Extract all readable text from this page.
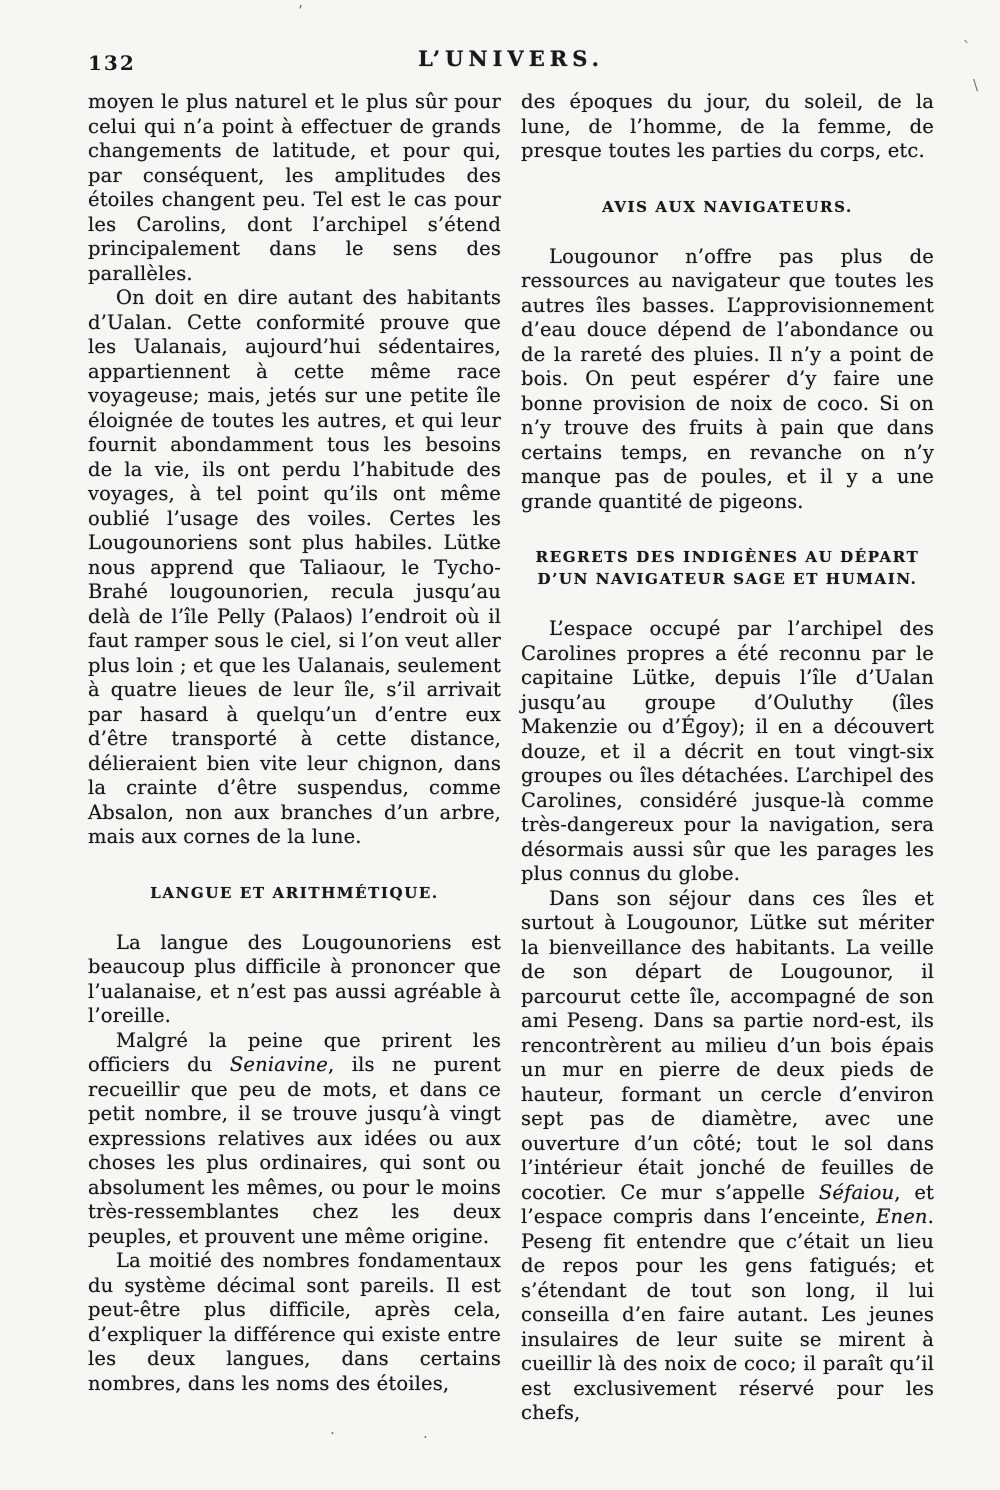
132	L’UNIVERS.

moyen le plus naturel et le plus sûr pour celui qui n’a point à effectuer de grands changements de latitude, et pour qui, par conséquent, les amplitudes des étoiles changent peu. Tel est le cas pour les Carolins, dont l’archipel s’étend principalement dans le sens des parallèles.

On doit en dire autant des habitants d’Ualan. Cette conformité prouve que les Ualanais, aujourd’hui sédentaires, appartiennent à cette même race voyageuse; mais, jetés sur une petite île éloignée de toutes les autres, et qui leur fournit abondamment tous les besoins de la vie, ils ont perdu l’habitude des voyages, à tel point qu’ils ont même oublié l’usage des voiles. Certes les Lougounoriens sont plus habiles. Lütke nous apprend que Taliaour, le Tycho-Brahé lougounorien, recula jusqu’au delà de l’île Pelly (Palaos) l’endroit où il faut ramper sous le ciel, si l’on veut aller plus loin ; et que les Ualanais, seulement à quatre lieues de leur île, s’il arrivait par hasard à quelqu’un d’entre eux d’être transporté à cette distance, délieraient bien vite leur chignon, dans la crainte d’être suspendus, comme Absalon, non aux branches d’un arbre, mais aux cornes de la lune.

LANGUE ET ARITHMÉTIQUE.

La langue des Lougounoriens est beaucoup plus difficile à prononcer que l’ualanaise, et n’est pas aussi agréable à l’oreille.

Malgré la peine que prirent les officiers du Seniavine, ils ne purent recueillir que peu de mots, et dans ce petit nombre, il se trouve jusqu’à vingt expressions relatives aux idées ou aux choses les plus ordinaires, qui sont ou absolument les mêmes, ou pour le moins très-ressemblantes chez les deux peuples, et prouvent une même origine.

La moitié des nombres fondamentaux du système décimal sont pareils. Il est peut-être plus difficile, après cela, d’expliquer la différence qui existe entre les deux langues, dans certains nombres, dans les noms des étoiles,

des époques du jour, du soleil, de la lune, de l’homme, de la femme, de presque toutes les parties du corps, etc.

AVIS AUX NAVIGATEURS.

Lougounor n’offre pas plus de ressources au navigateur que toutes les autres îles basses. L’approvisionnement d’eau douce dépend de l’abondance ou de la rareté des pluies. Il n’y a point de bois. On peut espérer d’y faire une bonne provision de noix de coco. Si on n’y trouve des fruits à pain que dans certains temps, en revanche on n’y manque pas de poules, et il y a une grande quantité de pigeons.

REGRETS DES INDIGÈNES AU DÉPART D’UN NAVIGATEUR SAGE ET HUMAIN.

L’espace occupé par l’archipel des Carolines propres a été reconnu par le capitaine Lütke, depuis l’île d’Ualan jusqu’au groupe d’Ouluthy (îles Makenzie ou d’Égoy); il en a découvert douze, et il a décrit en tout vingt-six groupes ou îles détachées. L’archipel des Carolines, considéré jusque-là comme très-dangereux pour la navigation, sera désormais aussi sûr que les parages les plus connus du globe.

Dans son séjour dans ces îles et surtout à Lougounor, Lütke sut mériter la bienveillance des habitants. La veille de son départ de Lougounor, il parcourut cette île, accompagné de son ami Peseng. Dans sa partie nord-est, ils rencontrèrent au milieu d’un bois épais un mur en pierre de deux pieds de hauteur, formant un cercle d’environ sept pas de diamètre, avec une ouverture d’un côté; tout le sol dans l’intérieur était jonché de feuilles de cocotier. Ce mur s’appelle Séfaiou, et l’espace compris dans l’enceinte, Enen. Peseng fit entendre que c’était un lieu de repos pour les gens fatigués; et s’étendant de tout son long, il lui conseilla d’en faire autant. Les jeunes insulaires de leur suite se mirent à cueillir là des noix de coco; il paraît qu’il est exclusivement réservé pour les chefs,

’
`
\
.	.
